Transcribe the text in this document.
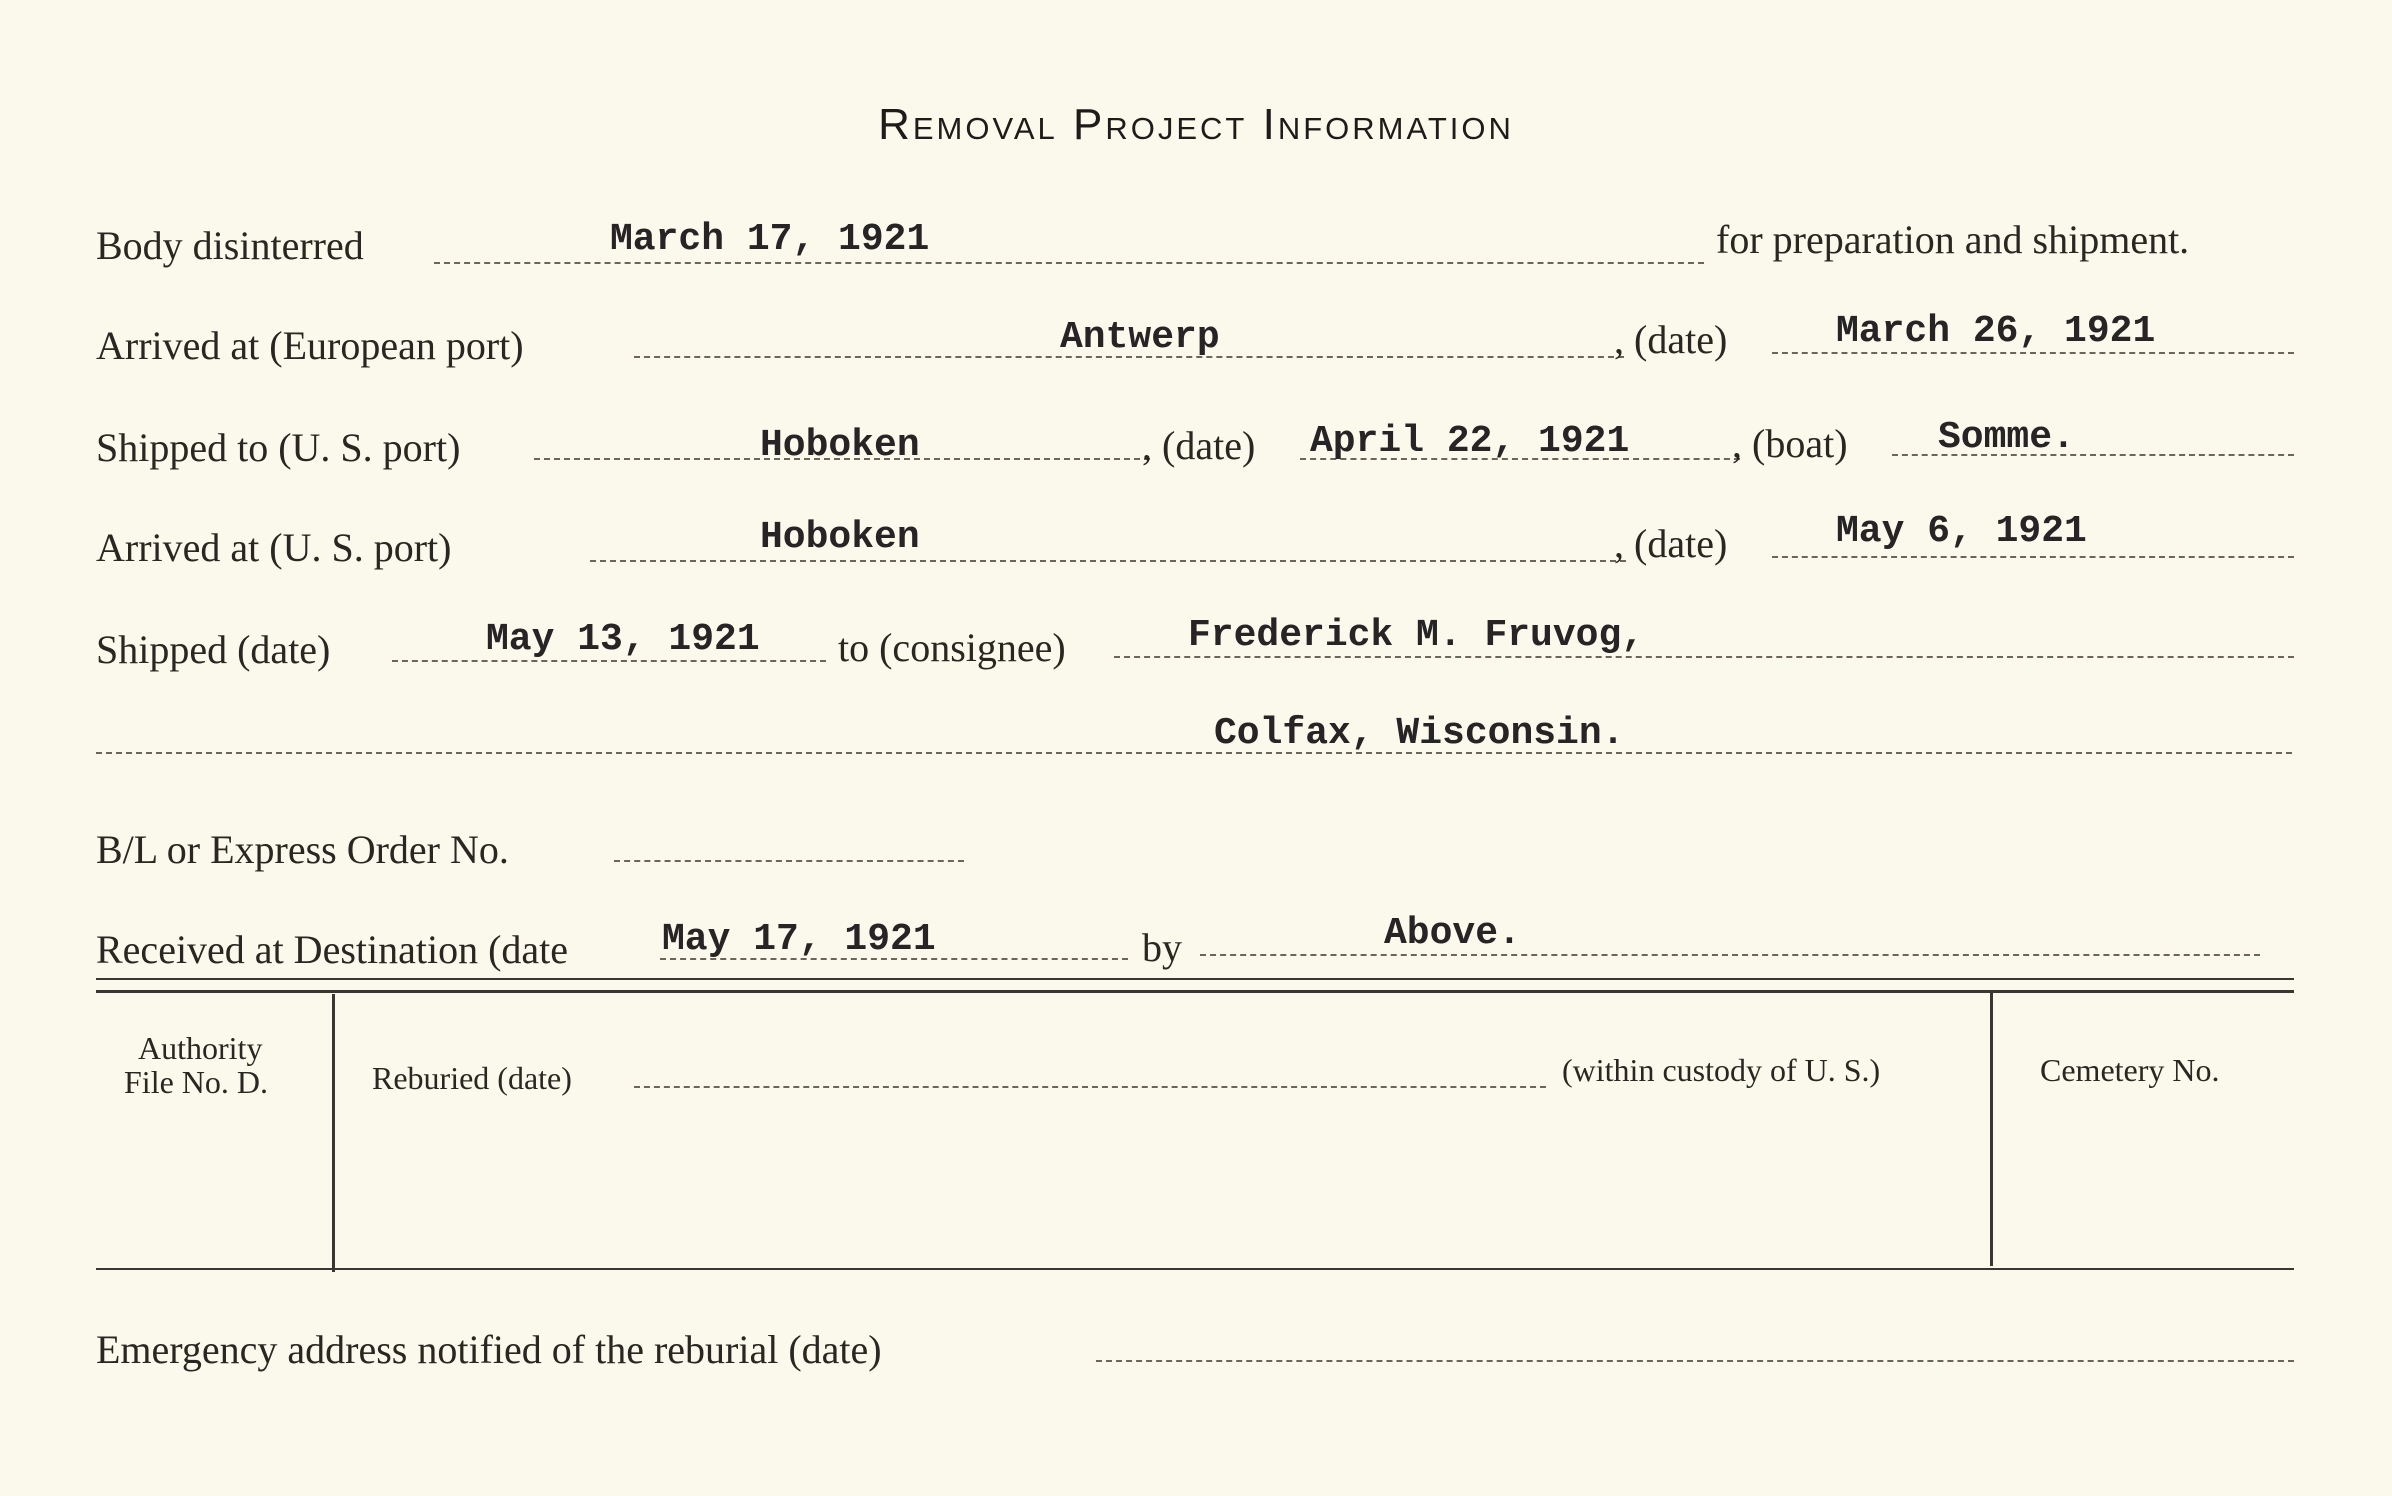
Removal Project Information
Body disinterred	March 17, 1921	for preparation and shipment.
Arrived at (European port)	Antwerp	, (date)	March 26, 1921
Shipped to (U. S. port)	Hoboken	, (date) April 22, 1921	, (boat) Somme.
Arrived at (U. S. port)	Hoboken	, (date)	May 6, 1921
Shipped (date)	May 13, 1921 to (consignee)	Frederick M. Fruvog,
Colfax, Wisconsin.
B/L or Express Order No.
Received at Destination (date May 17, 1921	by	Above.
Authority
File No. D.	Reburied (date)	(within custody of U. S.)	Cemetery No.
Emergency address notified of the reburial (date)
